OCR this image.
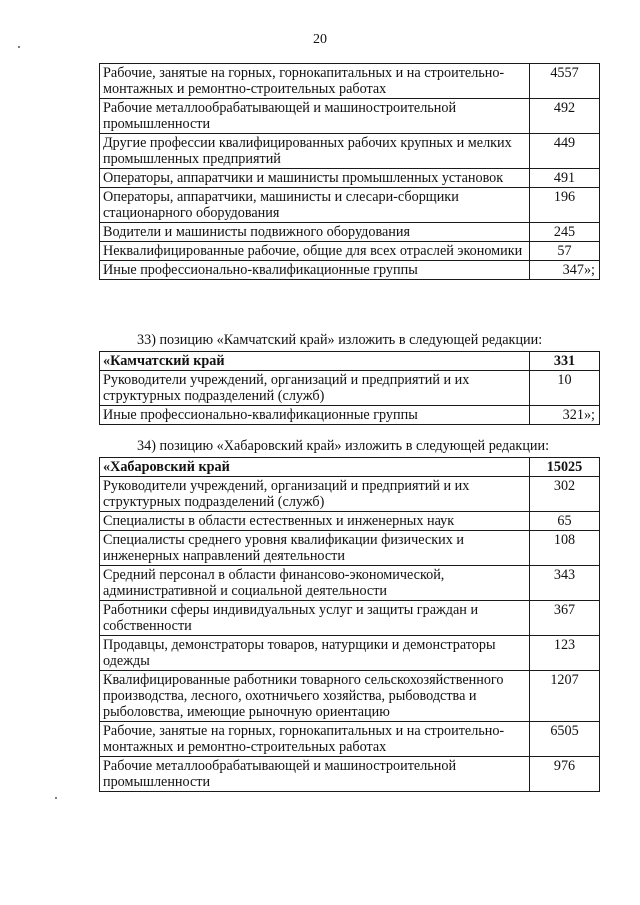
20
Рабочие, занятые на горных, горнокапитальных и на строительно-монтажных и ремонтно-строительных работах	4557
Рабочие металлообрабатывающей и машиностроительной промышленности	492
Другие профессии квалифицированных рабочих крупных и мелких промышленных предприятий	449
Операторы, аппаратчики и машинисты промышленных установок	491
Операторы, аппаратчики, машинисты и слесари-сборщики стационарного оборудования	196
Водители и машинисты подвижного оборудования	245
Неквалифицированные рабочие, общие для всех отраслей экономики	57
Иные профессионально-квалификационные группы	347»;
33) позицию «Камчатский край» изложить в следующей редакции:
«Камчатский край	331
Руководители учреждений, организаций и предприятий и их структурных подразделений (служб)	10
Иные профессионально-квалификационные группы	321»;
34) позицию «Хабаровский край» изложить в следующей редакции:
«Хабаровский край	15025
Руководители учреждений, организаций и предприятий и их структурных подразделений (служб)	302
Специалисты в области естественных и инженерных наук	65
Специалисты среднего уровня квалификации физических и инженерных направлений деятельности	108
Средний персонал в области финансово-экономической, административной и социальной деятельности	343
Работники сферы индивидуальных услуг и защиты граждан и собственности	367
Продавцы, демонстраторы товаров, натурщики и демонстраторы одежды	123
Квалифицированные работники товарного сельскохозяйственного производства, лесного, охотничьего хозяйства, рыбоводства и рыболовства, имеющие рыночную ориентацию	1207
Рабочие, занятые на горных, горнокапитальных и на строительно-монтажных и ремонтно-строительных работах	6505
Рабочие металлообрабатывающей и машиностроительной промышленности	976
